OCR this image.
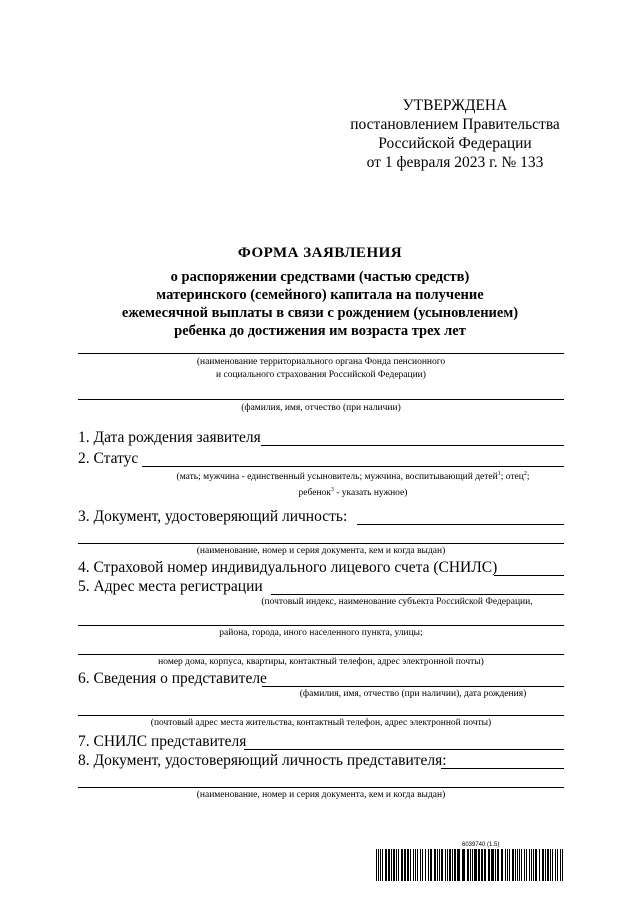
УТВЕРЖДЕНА
постановлением Правительства
Российской Федерации
от 1 февраля 2023 г. № 133
ФОРМА ЗАЯВЛЕНИЯ
о распоряжении средствами (частью средств)
материнского (семейного) капитала на получение
ежемесячной выплаты в связи с рождением (усыновлением)
ребенка до достижения им возраста трех лет
(наименование территориального органа Фонда пенсионного
и социального страхования Российской Федерации)
(фамилия, имя, отчество (при наличии)
1. Дата рождения заявителя
2. Статус
(мать; мужчина - единственный усыновитель; мужчина, воспитывающий детей$^1$; отец$^2$;
ребенок$^3$ - указать нужное)
3. Документ, удостоверяющий личность:
(наименование, номер и серия документа, кем и когда выдан)
4. Страховой номер индивидуального лицевого счета (СНИЛС)
5. Адрес места регистрации
(почтовый индекс, наименование субъекта Российской Федерации,
района, города, иного населенного пункта, улицы;
номер дома, корпуса, квартиры, контактный телефон, адрес электронной почты)
6. Сведения о представителе
(фамилия, имя, отчество (при наличии), дата рождения)
(почтовый адрес места жительства, контактный телефон, адрес электронной почты)
7. СНИЛС представителя
8. Документ, удостоверяющий личность представителя:
(наименование, номер и серия документа, кем и когда выдан)
6039740 (1.5)
